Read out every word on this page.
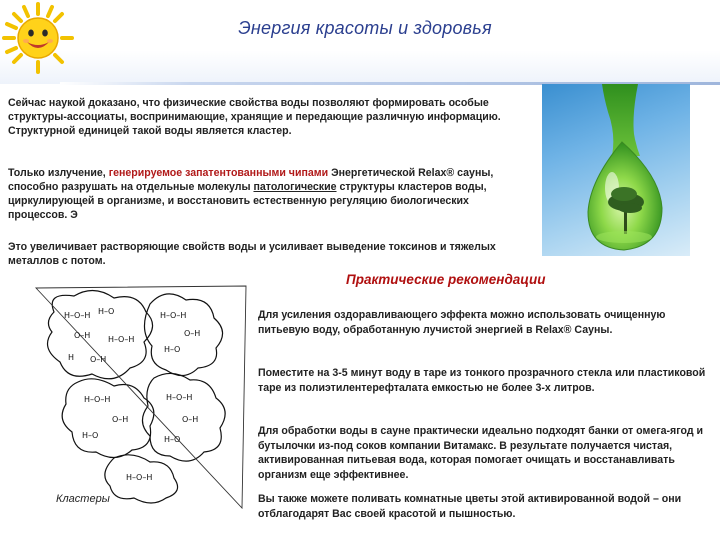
Энергия красоты и здоровья
Сейчас наукой доказано, что физические свойства воды позволяют формировать особые структуры-ассоциаты, воспринимающие, хранящие и передающие различную информацию. Структурной единицей такой воды является кластер.
Только излучение, генерируемое запатентованными чипами Энергетической Relax® сауны, способно разрушать на отдельные молекулы патологические структуры кластеров воды, циркулирующей в организме, и восстановить естественную регуляцию биологических процессов. Э
Это увеличивает растворяющие свойств воды и усиливает выведение токсинов и тяжелых металлов с потом.
Практические рекомендации
Для усиления оздоравливающего эффекта можно использовать очищенную питьевую воду, обработанную лучистой энергией в Relax® Сауны.
Поместите на 3-5 минут воду в таре из тонкого прозрачного стекла или пластиковой таре из полиэтилентерефталата емкостью не более 3-х литров.
Для обработки воды в сауне практически идеально подходят банки от омега-ягод и бутылочки из-под соков компании Витамакс. В результате получается чистая, активированная питьевая вода, которая помогает очищать и восстанавливать организм еще эффективнее.
Вы также можете поливать комнатные цветы этой активированной водой – они отблагодарят Вас своей красотой и пышностью.
H–O–H H–O
O–H H–O–H
H O–H
H–O–H
O–H
H–O
H–O–H
O–H
H–O
H–O–H
O–H
H–O
H–O–H
Кластеры
